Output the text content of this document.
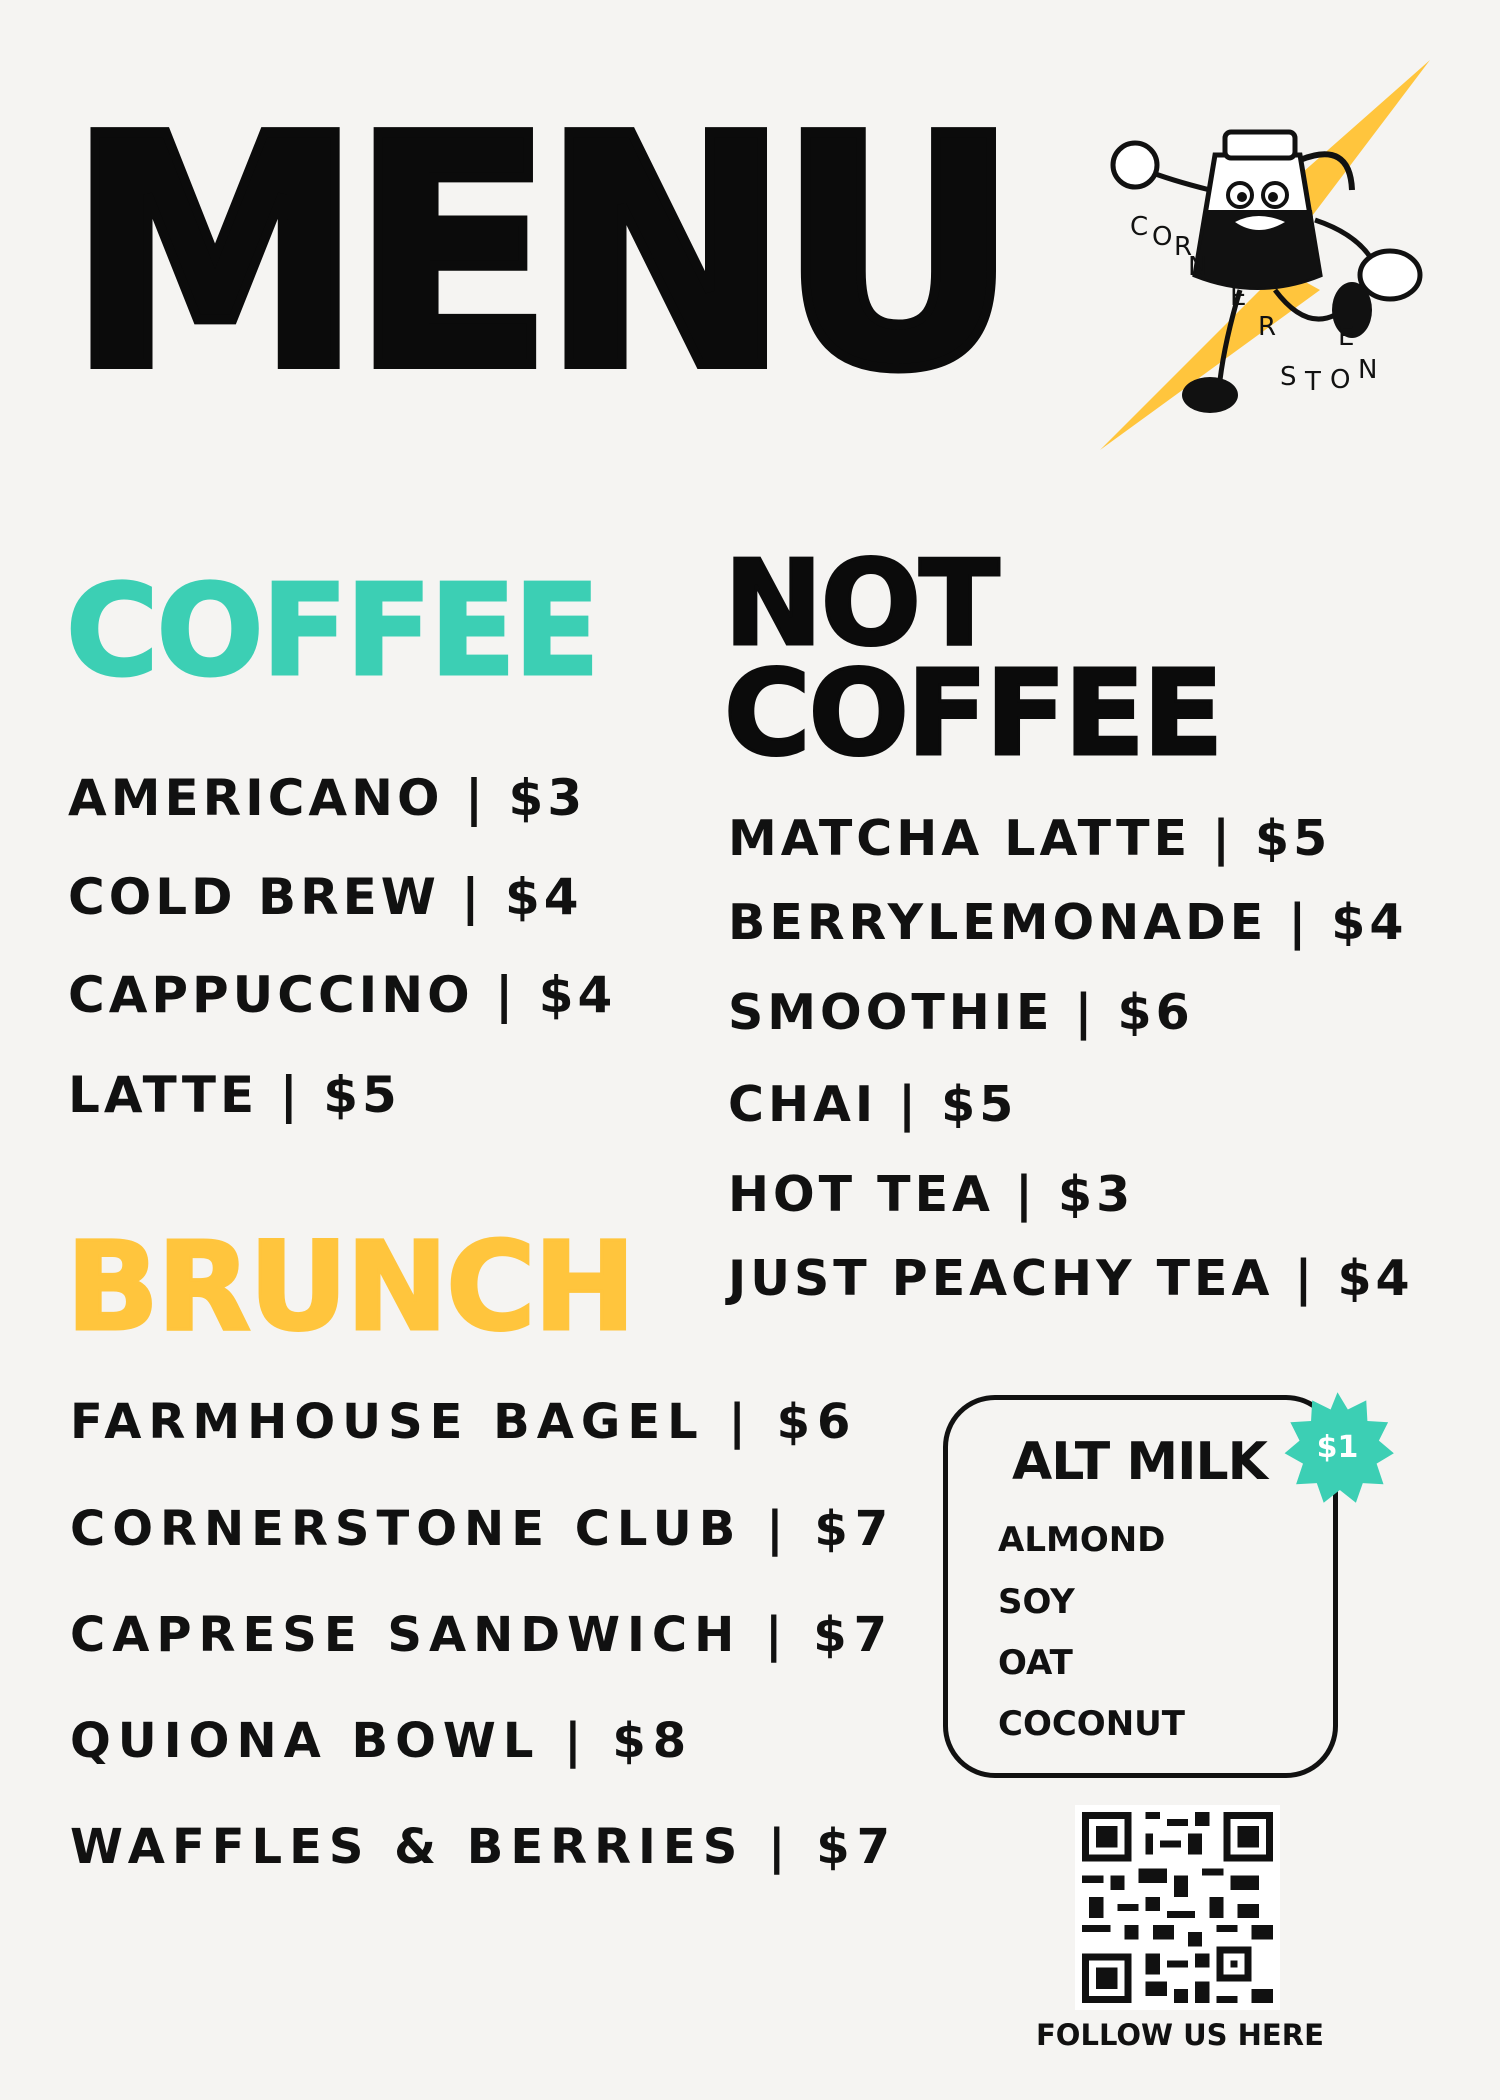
MENU	C O R
N
E
R E
S T O N
COFFEE
AMERICANO | $3
COLD BREW | $4
CAPPUCCINO | $4
LATTE | $5
NOT
COFFEE
MATCHA LATTE | $5
BERRYLEMONADE | $4
SMOOTHIE | $6
CHAI | $5
HOT TEA | $3
JUST PEACHY TEA | $4
BRUNCH
FARMHOUSE BAGEL | $6
CORNERSTONE CLUB | $7
CAPRESE SANDWICH | $7
QUIONA BOWL | $8
WAFFLES & BERRIES | $7
ALT MILK	$1
ALMOND
SOY
OAT
COCONUT
FOLLOW US HERE
